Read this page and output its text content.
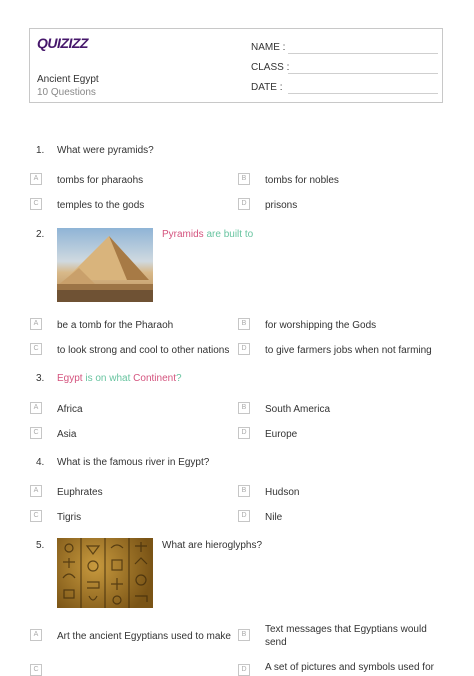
QUIZIZZ
Ancient Egypt
10 Questions
NAME :
CLASS :
DATE :
1. What were pyramids?
A	tombs for pharaohs	B	tombs for nobles
C	temples to the gods	D	prisons
2.	Pyramids are built to
A	be a tomb for the Pharaoh	B	for worshipping the Gods
C	to look strong and cool to other nations	D	to give farmers jobs when not farming
3. Egypt is on what Continent?
A	Africa	B	South America
C	Asia	D	Europe
4. What is the famous river in Egypt?
A	Euphrates	B	Hudson
C	Tigris	D	Nile
5.	What are hieroglyphs?
A	Art the ancient Egyptians used to make	B	Text messages that Egyptians would send
C	D	A set of pictures and symbols used for
